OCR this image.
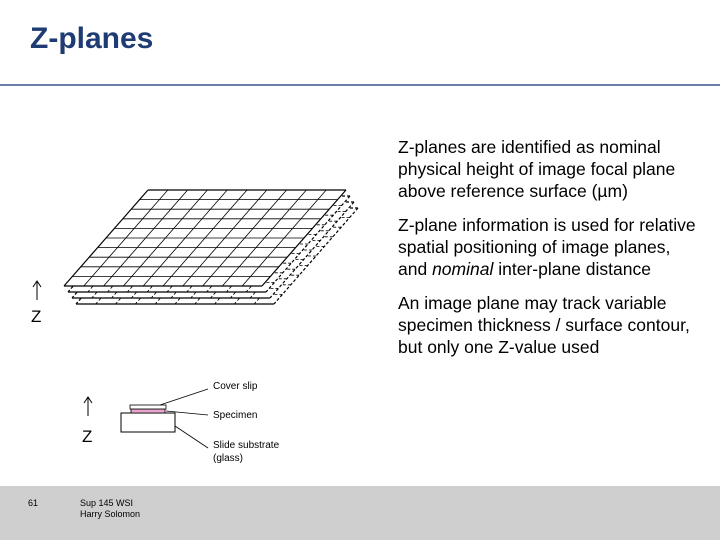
Z-planes
Z
Cover slip
Specimen
Slide substrate
(glass)
Z

Z-planes are identified as nominal physical height of image focal plane above reference surface (µm)

Z-plane information is used for relative spatial positioning of image planes, and nominal inter-plane distance

An image plane may track variable specimen thickness / surface contour, but only one Z-value used

61	Sup 145 WSI
Harry Solomon
